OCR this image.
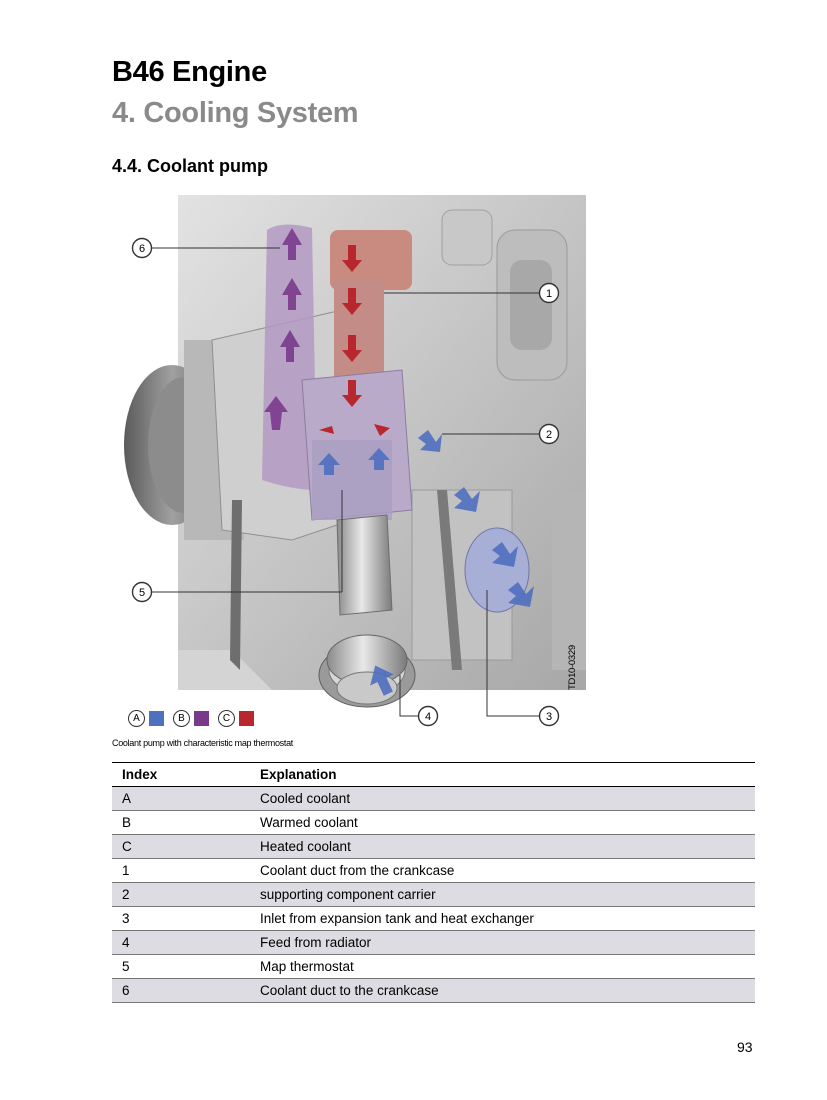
B46 Engine
4. Cooling System
4.4. Coolant pump
6
1
2
5
3
4
A	B	C
TD10-0329
Coolant pump with characteristic map thermostat
Index	Explanation
A	Cooled coolant
B	Warmed coolant
C	Heated coolant
1	Coolant duct from the crankcase
2	supporting component carrier
3	Inlet from expansion tank and heat exchanger
4	Feed from radiator
5	Map thermostat
6	Coolant duct to the crankcase
93
